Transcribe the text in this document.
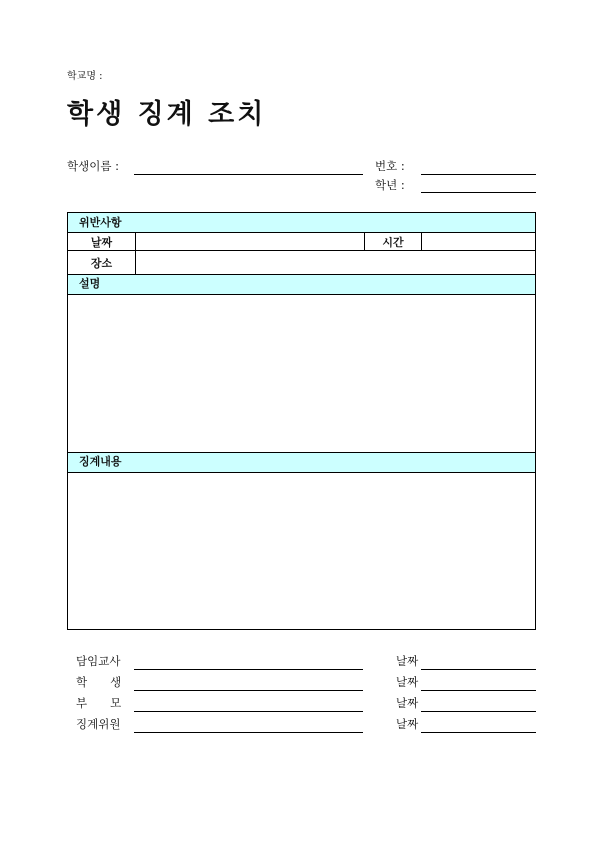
학교명 :
학생 징계 조치
학생이름 :	번호 :
학년 :
위반사항
날짜	시간
장소
설명
징계내용
담임교사	날짜
학　　생	날짜
부　　모	날짜
징계위원	날짜
